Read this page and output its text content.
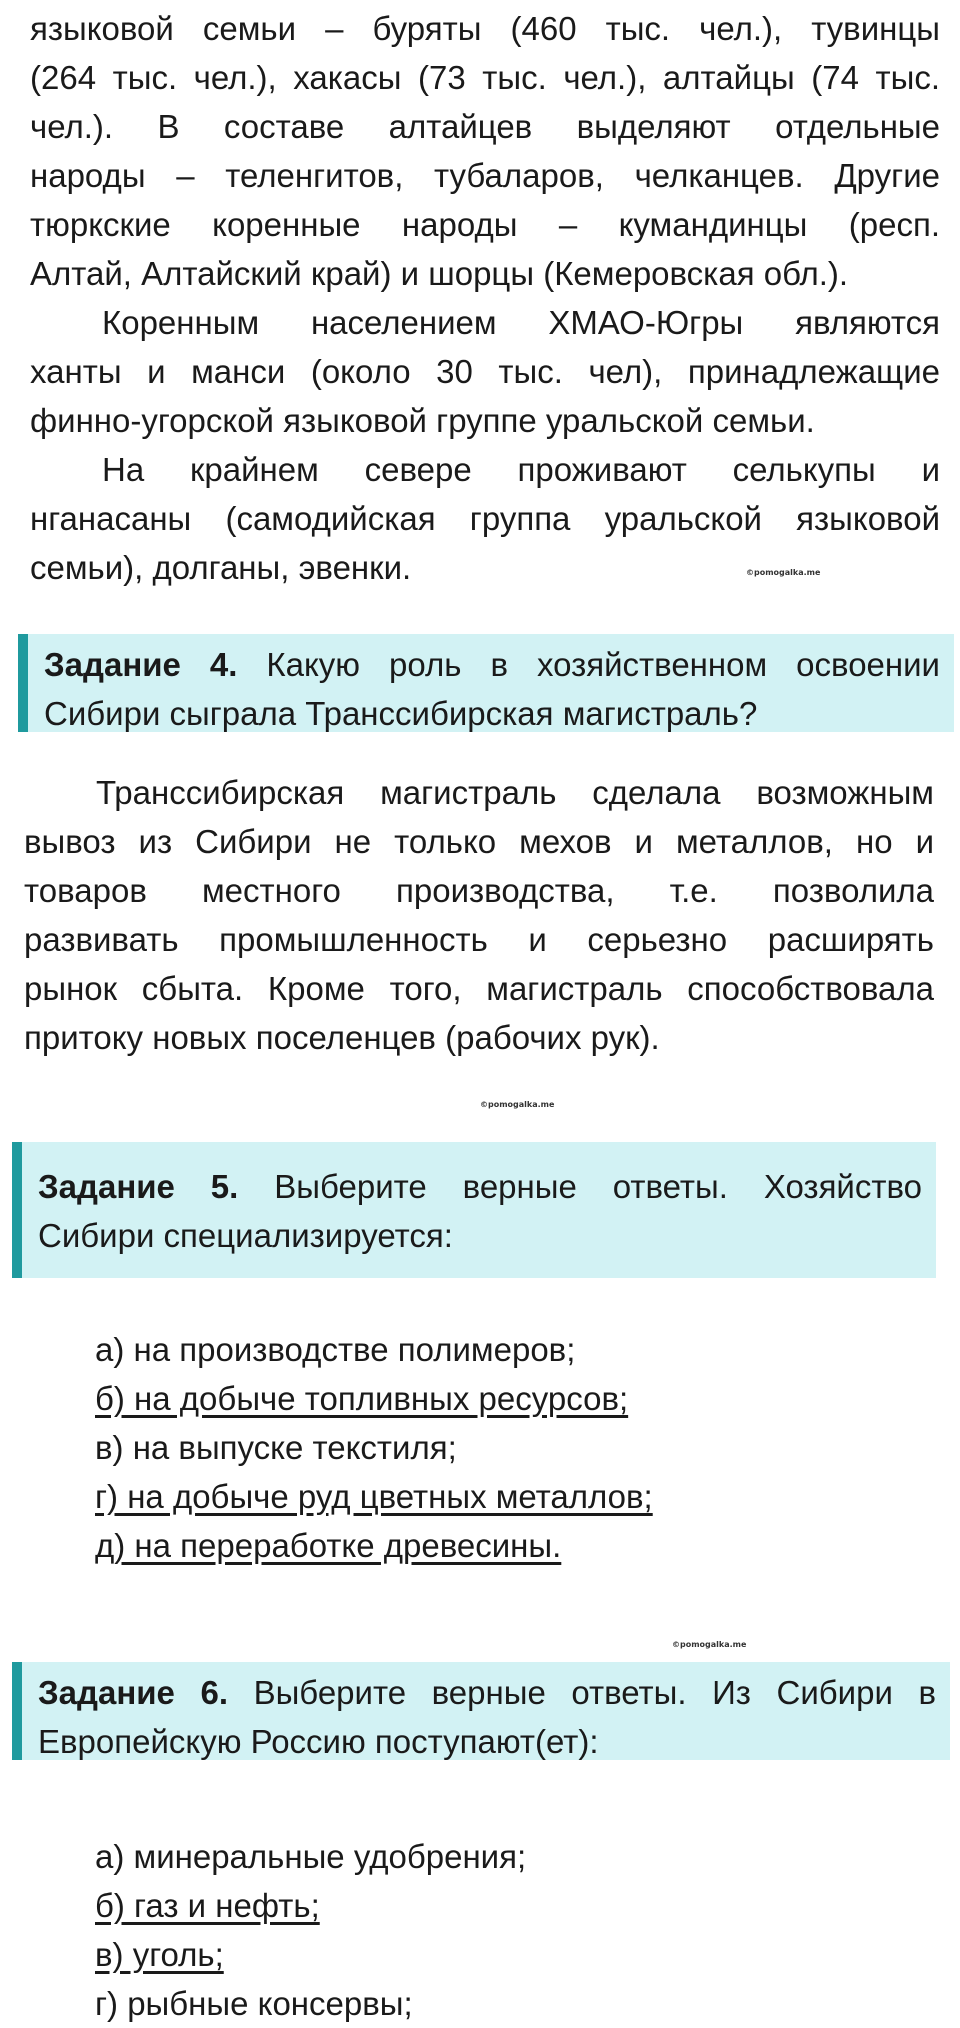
языковой семьи – буряты (460 тыс. чел.), тувинцы
(264 тыс. чел.), хакасы (73 тыс. чел.), алтайцы (74 тыс.
чел.). В составе алтайцев выделяют отдельные
народы – теленгитов, тубаларов, челканцев. Другие
тюркские коренные народы – кумандинцы (респ.
Алтай, Алтайский край) и шорцы (Кемеровская обл.).
Коренным населением ХМАО-Югры являются
ханты и манси (около 30 тыс. чел), принадлежащие
финно-угорской языковой группе уральской семьи.
На крайнем севере проживают селькупы и
нганасаны (самодийская группа уральской языковой
семьи), долганы, эвенки.	©pomogalka.me
Задание 4. Какую роль в хозяйственном освоении
Сибири сыграла Транссибирская магистраль?
Транссибирская магистраль сделала возможным
вывоз из Сибири не только мехов и металлов, но и
товаров местного производства, т.е. позволила
развивать промышленность и серьезно расширять
рынок сбыта. Кроме того, магистраль способствовала
притоку новых поселенцев (рабочих рук).
©pomogalka.me
Задание 5. Выберите верные ответы. Хозяйство
Сибири специализируется:
а) на производстве полимеров;
б) на добыче топливных ресурсов;
в) на выпуске текстиля;
г) на добыче руд цветных металлов;
д) на переработке древесины.
©pomogalka.me
Задание 6. Выберите верные ответы. Из Сибири в
Европейскую Россию поступают(ет):
а) минеральные удобрения;
б) газ и нефть;
в) уголь;
г) рыбные консервы;
